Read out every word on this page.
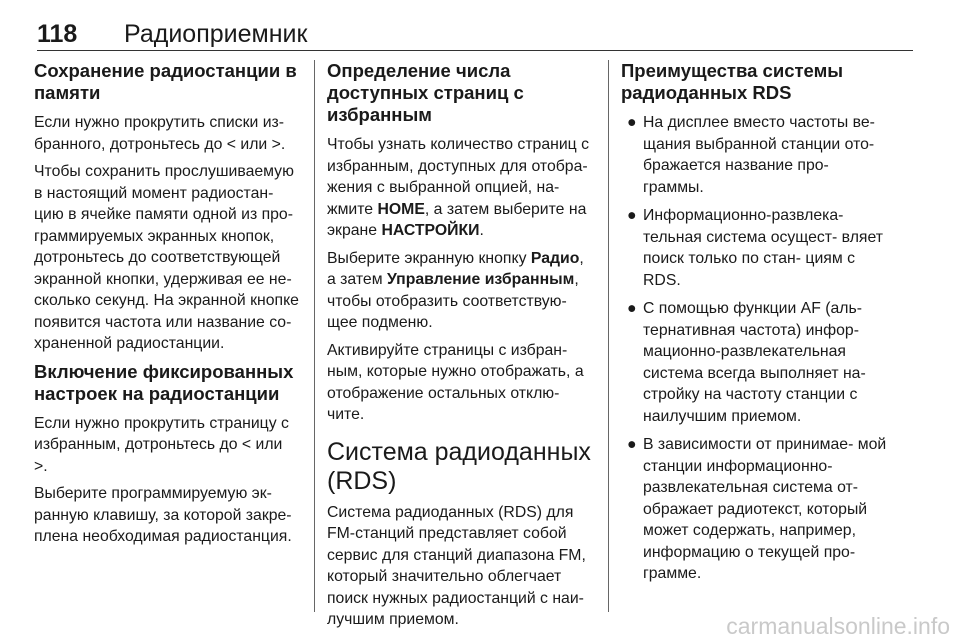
118 Радиоприемник
Сохранение радиостанции в памяти

Если нужно прокрутить списки из- бранного, дотроньтесь до < или >.

Чтобы сохранить прослушиваемую в настоящий момент радиостан- цию в ячейке памяти одной из про- граммируемых экранных кнопок, дотроньтесь до соответствующей экранной кнопки, удерживая ее не- сколько секунд. На экранной кнопке появится частота или название со- храненной радиостанции.

Включение фиксированных настроек на радиостанции

Если нужно прокрутить страницу с избранным, дотроньтесь до < или >.

Выберите программируемую эк- ранную клавишу, за которой закре- плена необходимая радиостанция.

Определение числа доступных страниц с избранным

Чтобы узнать количество страниц с избранным, доступных для отобра- жения с выбранной опцией, на- жмите HOME, а затем выберите на экране НАСТРОЙКИ.

Выберите экранную кнопку Радио, а затем Управление избранным, чтобы отобразить соответствую- щее подменю.

Активируйте страницы с избран- ным, которые нужно отображать, а отображение остальных отклю- чите.

Система радиоданных (RDS)

Система радиоданных (RDS) для FM-станций представляет собой сервис для станций диапазона FM, который значительно облегчает поиск нужных радиостанций с наи- лучшим приемом.

Преимущества системы радиоданных RDS
● На дисплее вместо частоты ве- щания выбранной станции ото- бражается название про- граммы.
● Информационно-развлека- тельная система осущест- вляет поиск только по стан- циям с RDS.
● С помощью функции AF (аль- тернативная частота) инфор- мационно-развлекательная система всегда выполняет на- стройку на частоту станции с наилучшим приемом.
● В зависимости от принимае- мой станции информационно- развлекательная система от- ображает радиотекст, который может содержать, например, информацию о текущей про- грамме.
carmanualsonline.info
